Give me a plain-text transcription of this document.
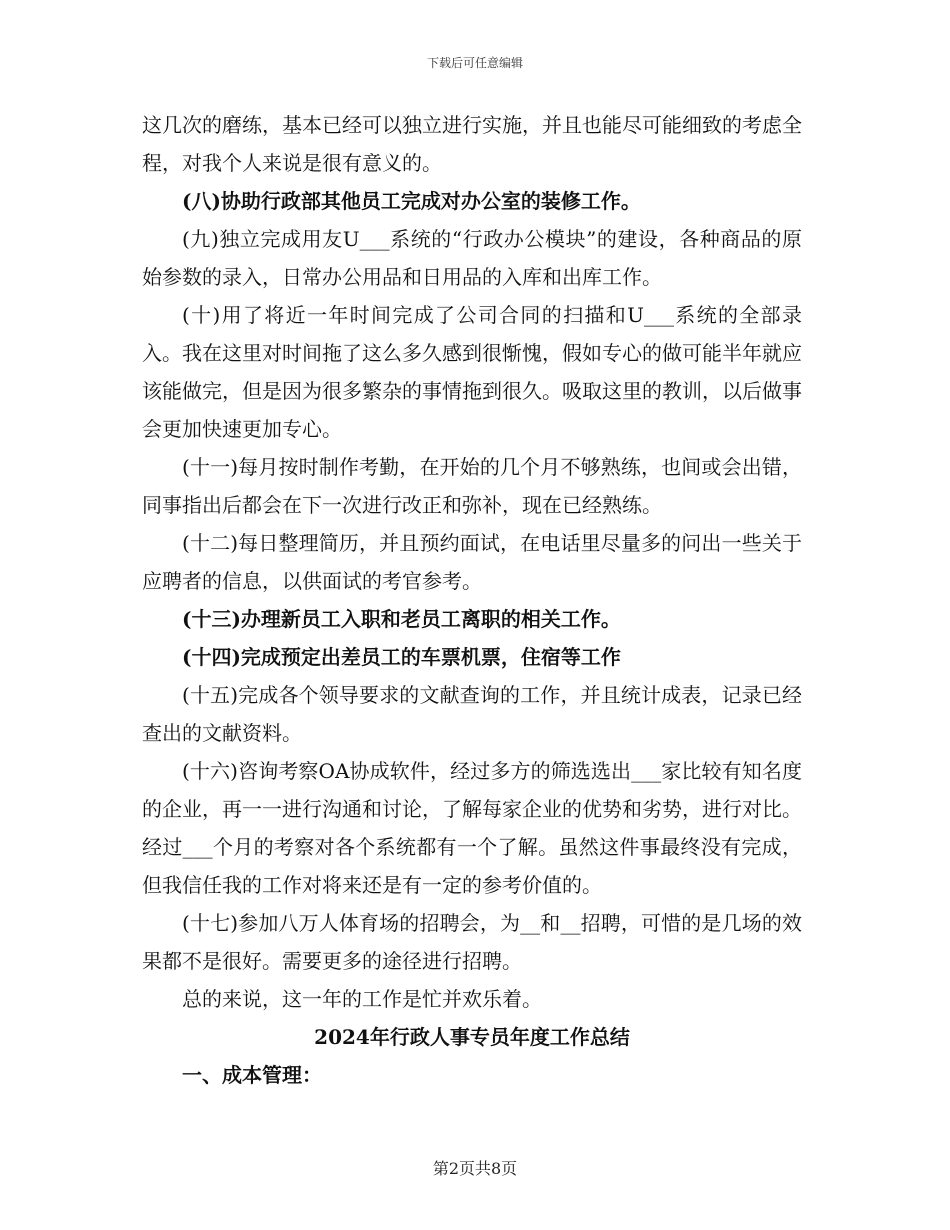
下载后可任意编辑

这几次的磨练，基本已经可以独立进行实施，并且也能尽可能细致的考虑全程，对我个人来说是很有意义的。

(八)协助行政部其他员工完成对办公室的装修工作。

(九)独立完成用友U___系统的“行政办公模块”的建设，各种商品的原始参数的录入，日常办公用品和日用品的入库和出库工作。

(十)用了将近一年时间完成了公司合同的扫描和U___系统的全部录入。我在这里对时间拖了这么多久感到很惭愧，假如专心的做可能半年就应该能做完，但是因为很多繁杂的事情拖到很久。吸取这里的教训，以后做事会更加快速更加专心。

(十一)每月按时制作考勤，在开始的几个月不够熟练，也间或会出错，同事指出后都会在下一次进行改正和弥补，现在已经熟练。

(十二)每日整理简历，并且预约面试，在电话里尽量多的问出一些关于应聘者的信息，以供面试的考官参考。

(十三)办理新员工入职和老员工离职的相关工作。

(十四)完成预定出差员工的车票机票，住宿等工作

(十五)完成各个领导要求的文献查询的工作，并且统计成表，记录已经查出的文献资料。

(十六)咨询考察OA协成软件，经过多方的筛选选出___家比较有知名度的企业，再一一进行沟通和讨论，了解每家企业的优势和劣势，进行对比。经过___个月的考察对各个系统都有一个了解。虽然这件事最终没有完成，但我信任我的工作对将来还是有一定的参考价值的。

(十七)参加八万人体育场的招聘会，为__和__招聘，可惜的是几场的效果都不是很好。需要更多的途径进行招聘。

总的来说，这一年的工作是忙并欢乐着。

2024年行政人事专员年度工作总结

一、成本管理：

第2页共8页
